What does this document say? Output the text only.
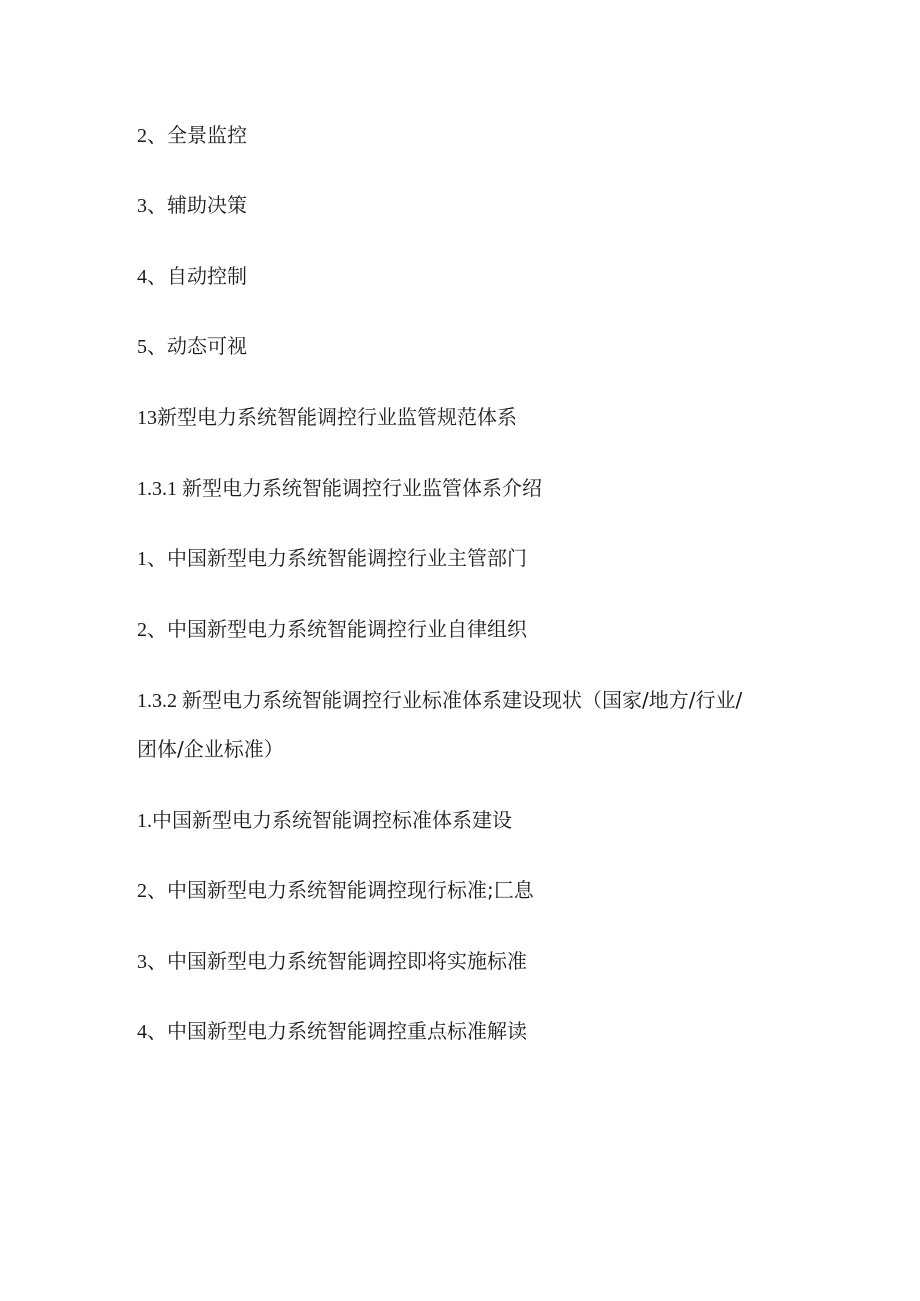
2、全景监控
3、辅助决策
4、自动控制
5、动态可视
13新型电力系统智能调控行业监管规范体系
1.3.1 新型电力系统智能调控行业监管体系介绍
1、中国新型电力系统智能调控行业主管部门
2、中国新型电力系统智能调控行业自律组织
1.3.2 新型电力系统智能调控行业标准体系建设现状（国家/地方/行业/
团体/企业标准）
1.中国新型电力系统智能调控标准体系建设
2、中国新型电力系统智能调控现行标准;匚息
3、中国新型电力系统智能调控即将实施标准
4、中国新型电力系统智能调控重点标准解读
